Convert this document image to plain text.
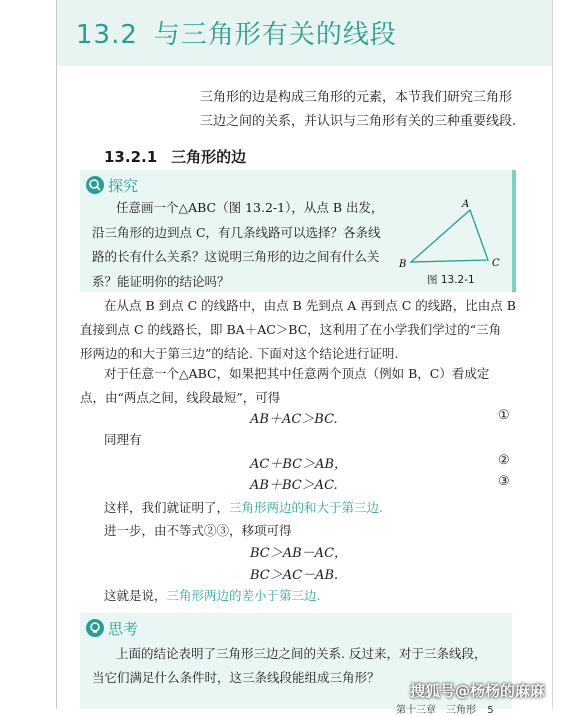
13.2 与三角形有关的线段
三角形的边是构成三角形的元素，本节我们研究三角形
三边之间的关系，并认识与三角形有关的三种重要线段.
13.2.1 三角形的边
探究
任意画一个△ABC（图 13.2-1），从点 B 出发，
沿三角形的边到点 C，有几条线路可以选择？各条线
路的长有什么关系？这说明三角形的边之间有什么关
系？能证明你的结论吗？
A
B	C
图 13.2-1
在从点 B 到点 C 的线路中，由点 B 先到点 A 再到点 C 的线路，比由点 B
直接到点 C 的线路长，即 BA＋AC＞BC，这利用了在小学我们学过的“三角
形两边的和大于第三边”的结论. 下面对这个结论进行证明.
对于任意一个△ABC，如果把其中任意两个顶点（例如 B，C）看成定
点，由“两点之间，线段最短”，可得
AB＋AC＞BC.	①
同理有
AC＋BC＞AB，	②
AB＋BC＞AC.	③
这样，我们就证明了，三角形两边的和大于第三边.
进一步，由不等式②③，移项可得
BC＞AB－AC，
BC＞AC－AB.
这就是说，三角形两边的差小于第三边.
思考
上面的结论表明了三角形三边之间的关系. 反过来，对于三条线段，
当它们满足什么条件时，这三条线段能组成三角形？
第十三章　三角形 5
搜狐号@杨杨的麻麻
